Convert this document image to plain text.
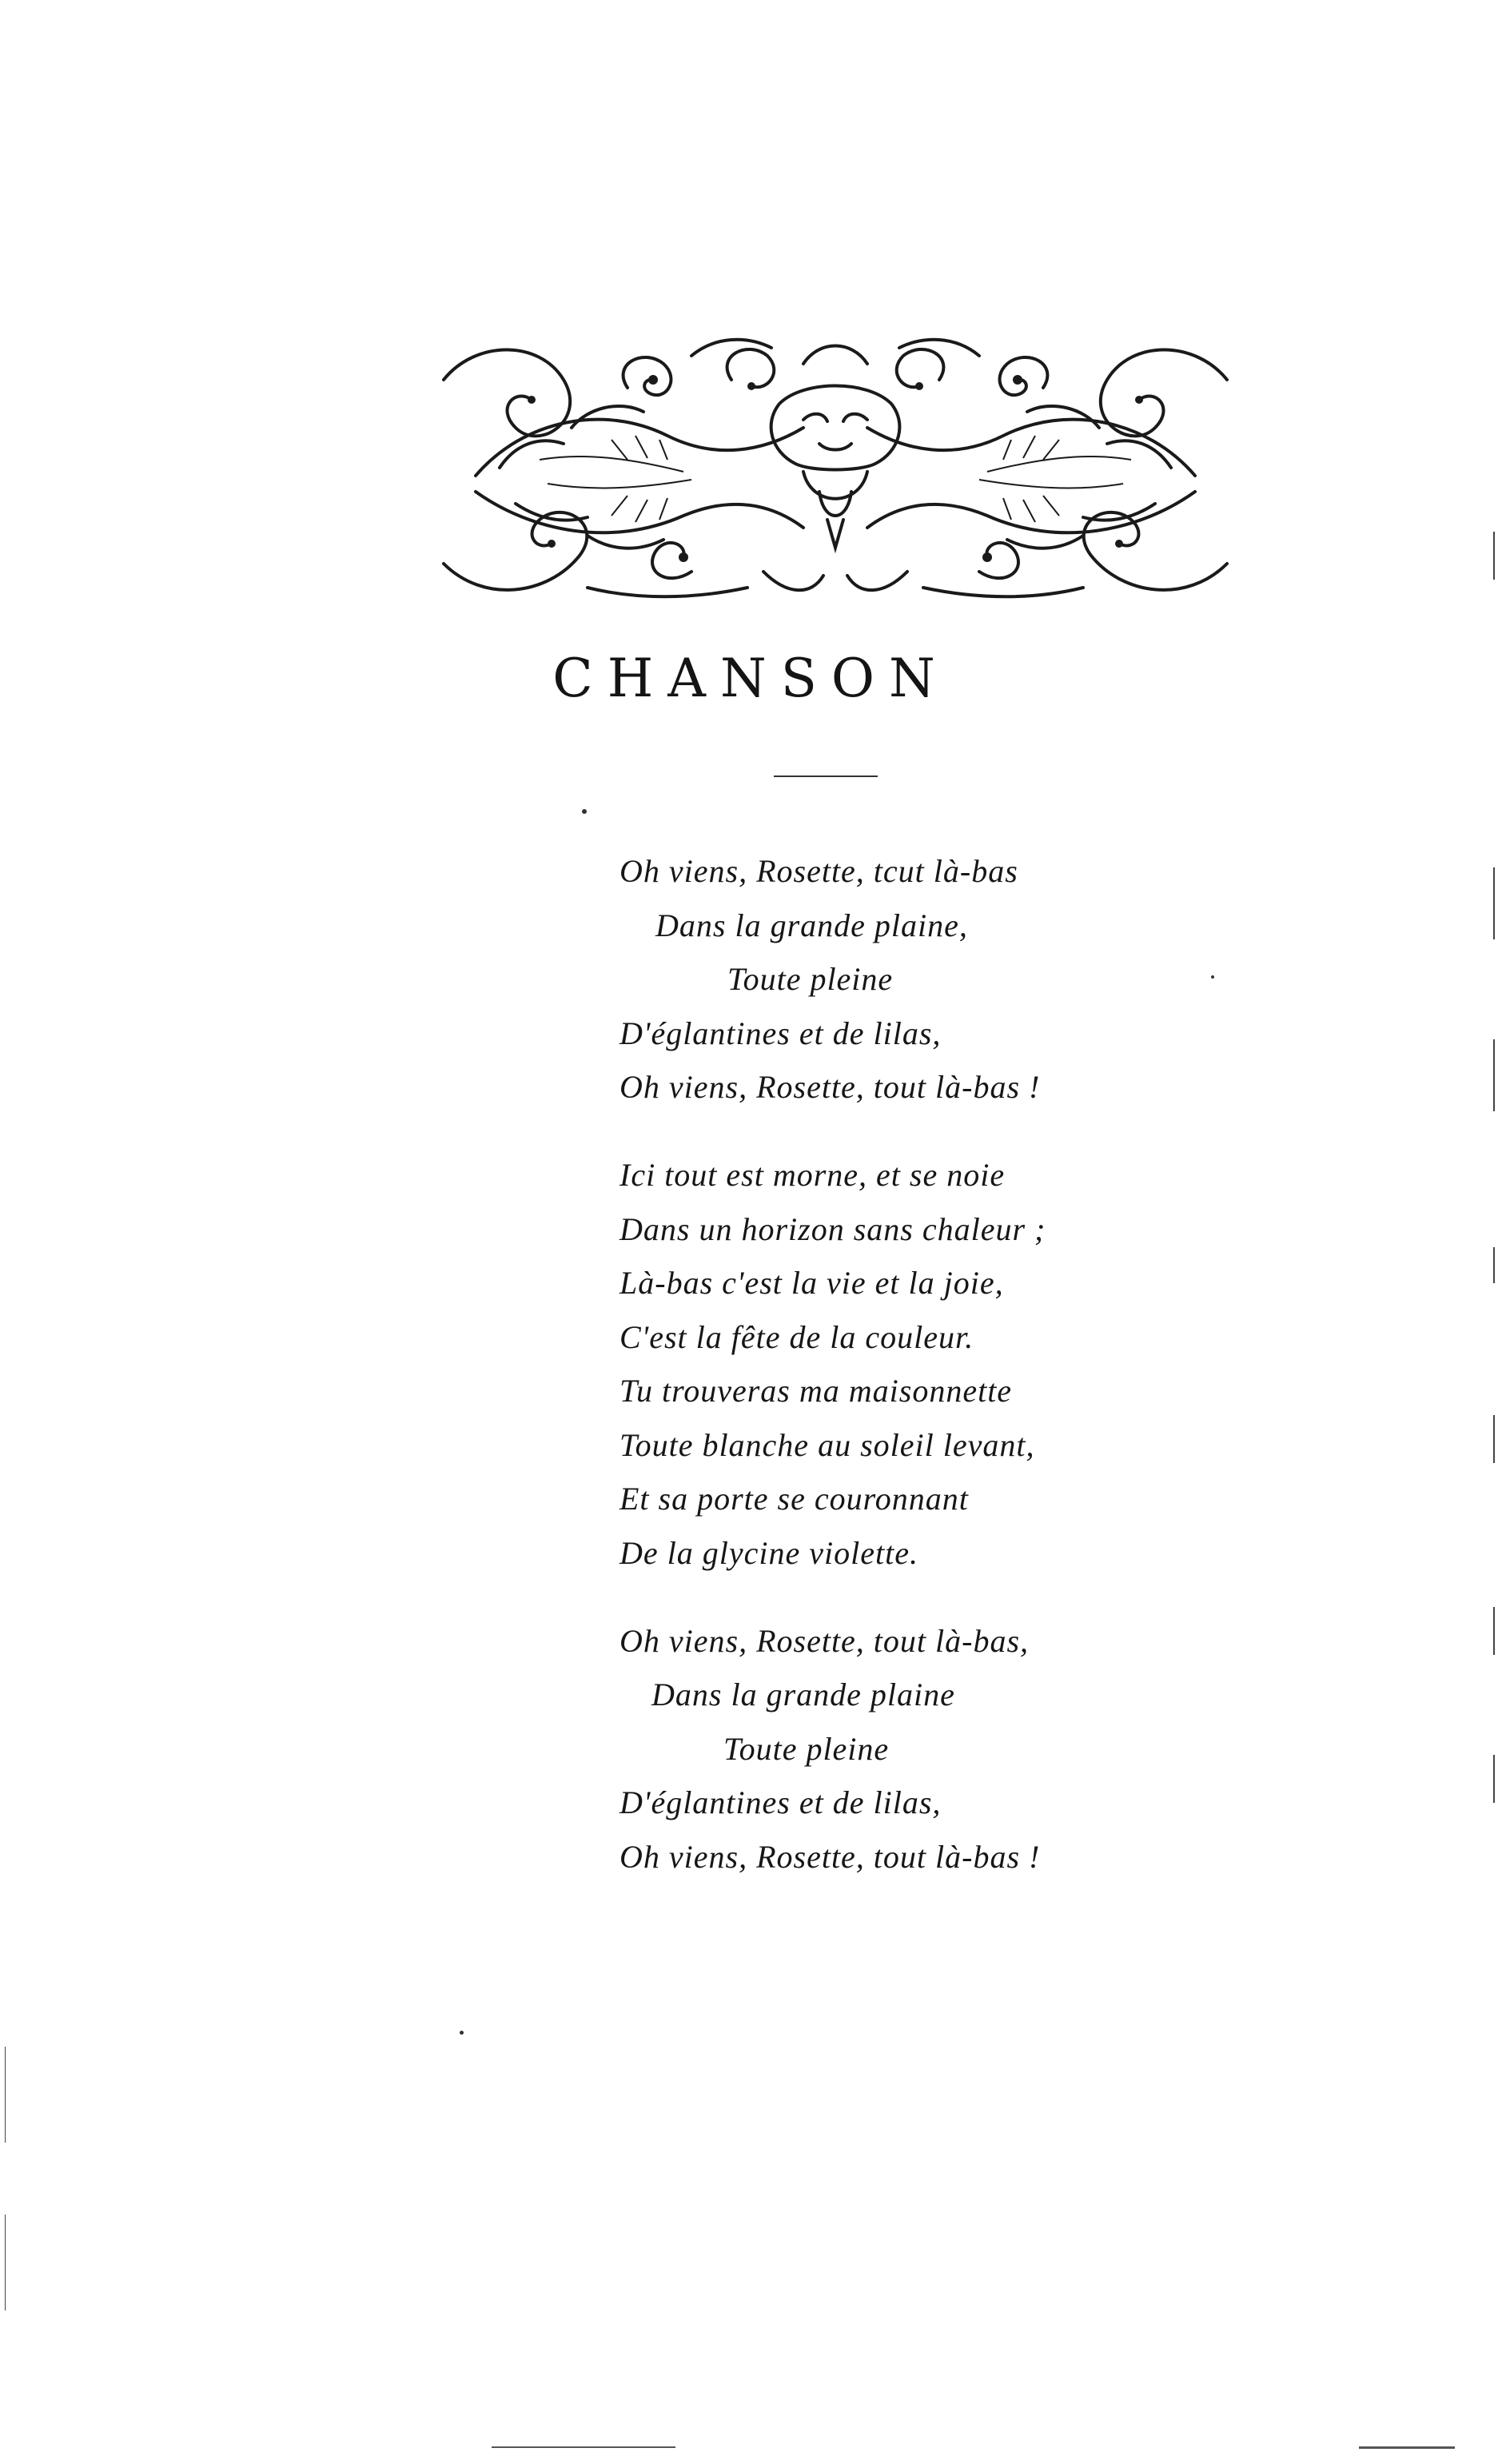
CHANSON
Oh viens, Rosette, tcut là-bas
Dans la grande plaine,
Toute pleine
D'églantines et de lilas,
Oh viens, Rosette, tout là-bas !
Ici tout est morne, et se noie
Dans un horizon sans chaleur ;
Là-bas c'est la vie et la joie,
C'est la fête de la couleur.
Tu trouveras ma maisonnette
Toute blanche au soleil levant,
Et sa porte se couronnant
De la glycine violette.
Oh viens, Rosette, tout là-bas,
Dans la grande plaine
Toute pleine
D'églantines et de lilas,
Oh viens, Rosette, tout là-bas !
